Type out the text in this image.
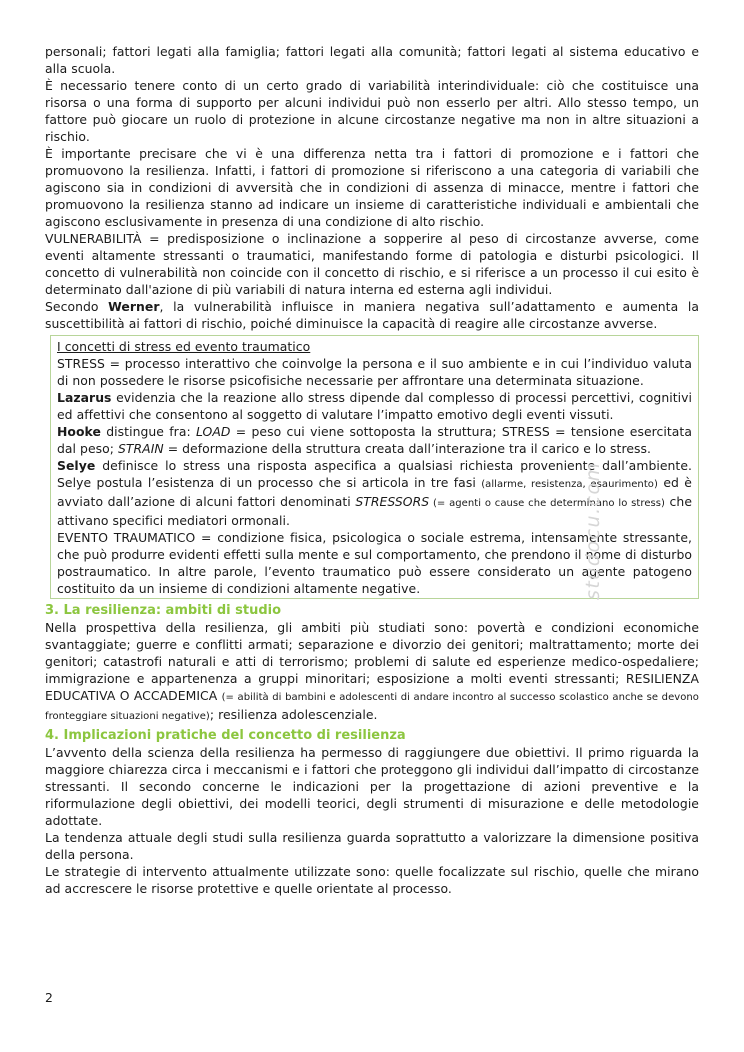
personali; fattori legati alla famiglia; fattori legati alla comunità; fattori legati al sistema educativo e alla scuola.

È necessario tenere conto di un certo grado di variabilità interindividuale: ciò che costituisce una risorsa o una forma di supporto per alcuni individui può non esserlo per altri. Allo stesso tempo, un fattore può giocare un ruolo di protezione in alcune circostanze negative ma non in altre situazioni a rischio.

È importante precisare che vi è una differenza netta tra i fattori di promozione e i fattori che promuovono la resilienza. Infatti, i fattori di promozione si riferiscono a una categoria di variabili che agiscono sia in condizioni di avversità che in condizioni di assenza di minacce, mentre i fattori che promuovono la resilienza stanno ad indicare un insieme di caratteristiche individuali e ambientali che agiscono esclusivamente in presenza di una condizione di alto rischio.

VULNERABILITÀ = predisposizione o inclinazione a sopperire al peso di circostanze avverse, come eventi altamente stressanti o traumatici, manifestando forme di patologia e disturbi psicologici. Il concetto di vulnerabilità non coincide con il concetto di rischio, e si riferisce a un processo il cui esito è determinato dall'azione di più variabili di natura interna ed esterna agli individui.

Secondo Werner, la vulnerabilità influisce in maniera negativa sull’adattamento e aumenta la suscettibilità ai fattori di rischio, poiché diminuisce la capacità di reagire alle circostanze avverse.

I concetti di stress ed evento traumatico

STRESS = processo interattivo che coinvolge la persona e il suo ambiente e in cui l’individuo valuta di non possedere le risorse psicofisiche necessarie per affrontare una determinata situazione.

Lazarus evidenzia che la reazione allo stress dipende dal complesso di processi percettivi, cognitivi ed affettivi che consentono al soggetto di valutare l’impatto emotivo degli eventi vissuti.

Hooke distingue fra: LOAD = peso cui viene sottoposta la struttura; STRESS = tensione esercitata dal peso; STRAIN = deformazione della struttura creata dall’interazione tra il carico e lo stress.

Selye definisce lo stress una risposta aspecifica a qualsiasi richiesta proveniente dall’ambiente. Selye postula l’esistenza di un processo che si articola in tre fasi (allarme, resistenza, esaurimento) ed è avviato dall’azione di alcuni fattori denominati STRESSORS (= agenti o cause che determinano lo stress) che attivano specifici mediatori ormonali.

EVENTO TRAUMATICO = condizione fisica, psicologica o sociale estrema, intensamente stressante, che può produrre evidenti effetti sulla mente e sul comportamento, che prendono il nome di disturbo postraumatico. In altre parole, l’evento traumatico può essere considerato un agente patogeno costituito da un insieme di condizioni altamente negative.

3. La resilienza: ambiti di studio

Nella prospettiva della resilienza, gli ambiti più studiati sono: povertà e condizioni economiche svantaggiate; guerre e conflitti armati; separazione e divorzio dei genitori; maltrattamento; morte dei genitori; catastrofi naturali e atti di terrorismo; problemi di salute ed esperienze medico-ospedaliere; immigrazione e appartenenza a gruppi minoritari; esposizione a molti eventi stressanti; RESILIENZA EDUCATIVA O ACCADEMICA (= abilità di bambini e adolescenti di andare incontro al successo scolastico anche se devono fronteggiare situazioni negative); resilienza adolescenziale.

4. Implicazioni pratiche del concetto di resilienza

L’avvento della scienza della resilienza ha permesso di raggiungere due obiettivi. Il primo riguarda la maggiore chiarezza circa i meccanismi e i fattori che proteggono gli individui dall’impatto di circostanze stressanti. Il secondo concerne le indicazioni per la progettazione di azioni preventive e la riformulazione degli obiettivi, dei modelli teorici, degli strumenti di misurazione e delle metodologie adottate.

La tendenza attuale degli studi sulla resilienza guarda soprattutto a valorizzare la dimensione positiva della persona.

Le strategie di intervento attualmente utilizzate sono: quelle focalizzate sul rischio, quelle che mirano ad accrescere le risorse protettive e quelle orientate al processo.

2
studocu.com
